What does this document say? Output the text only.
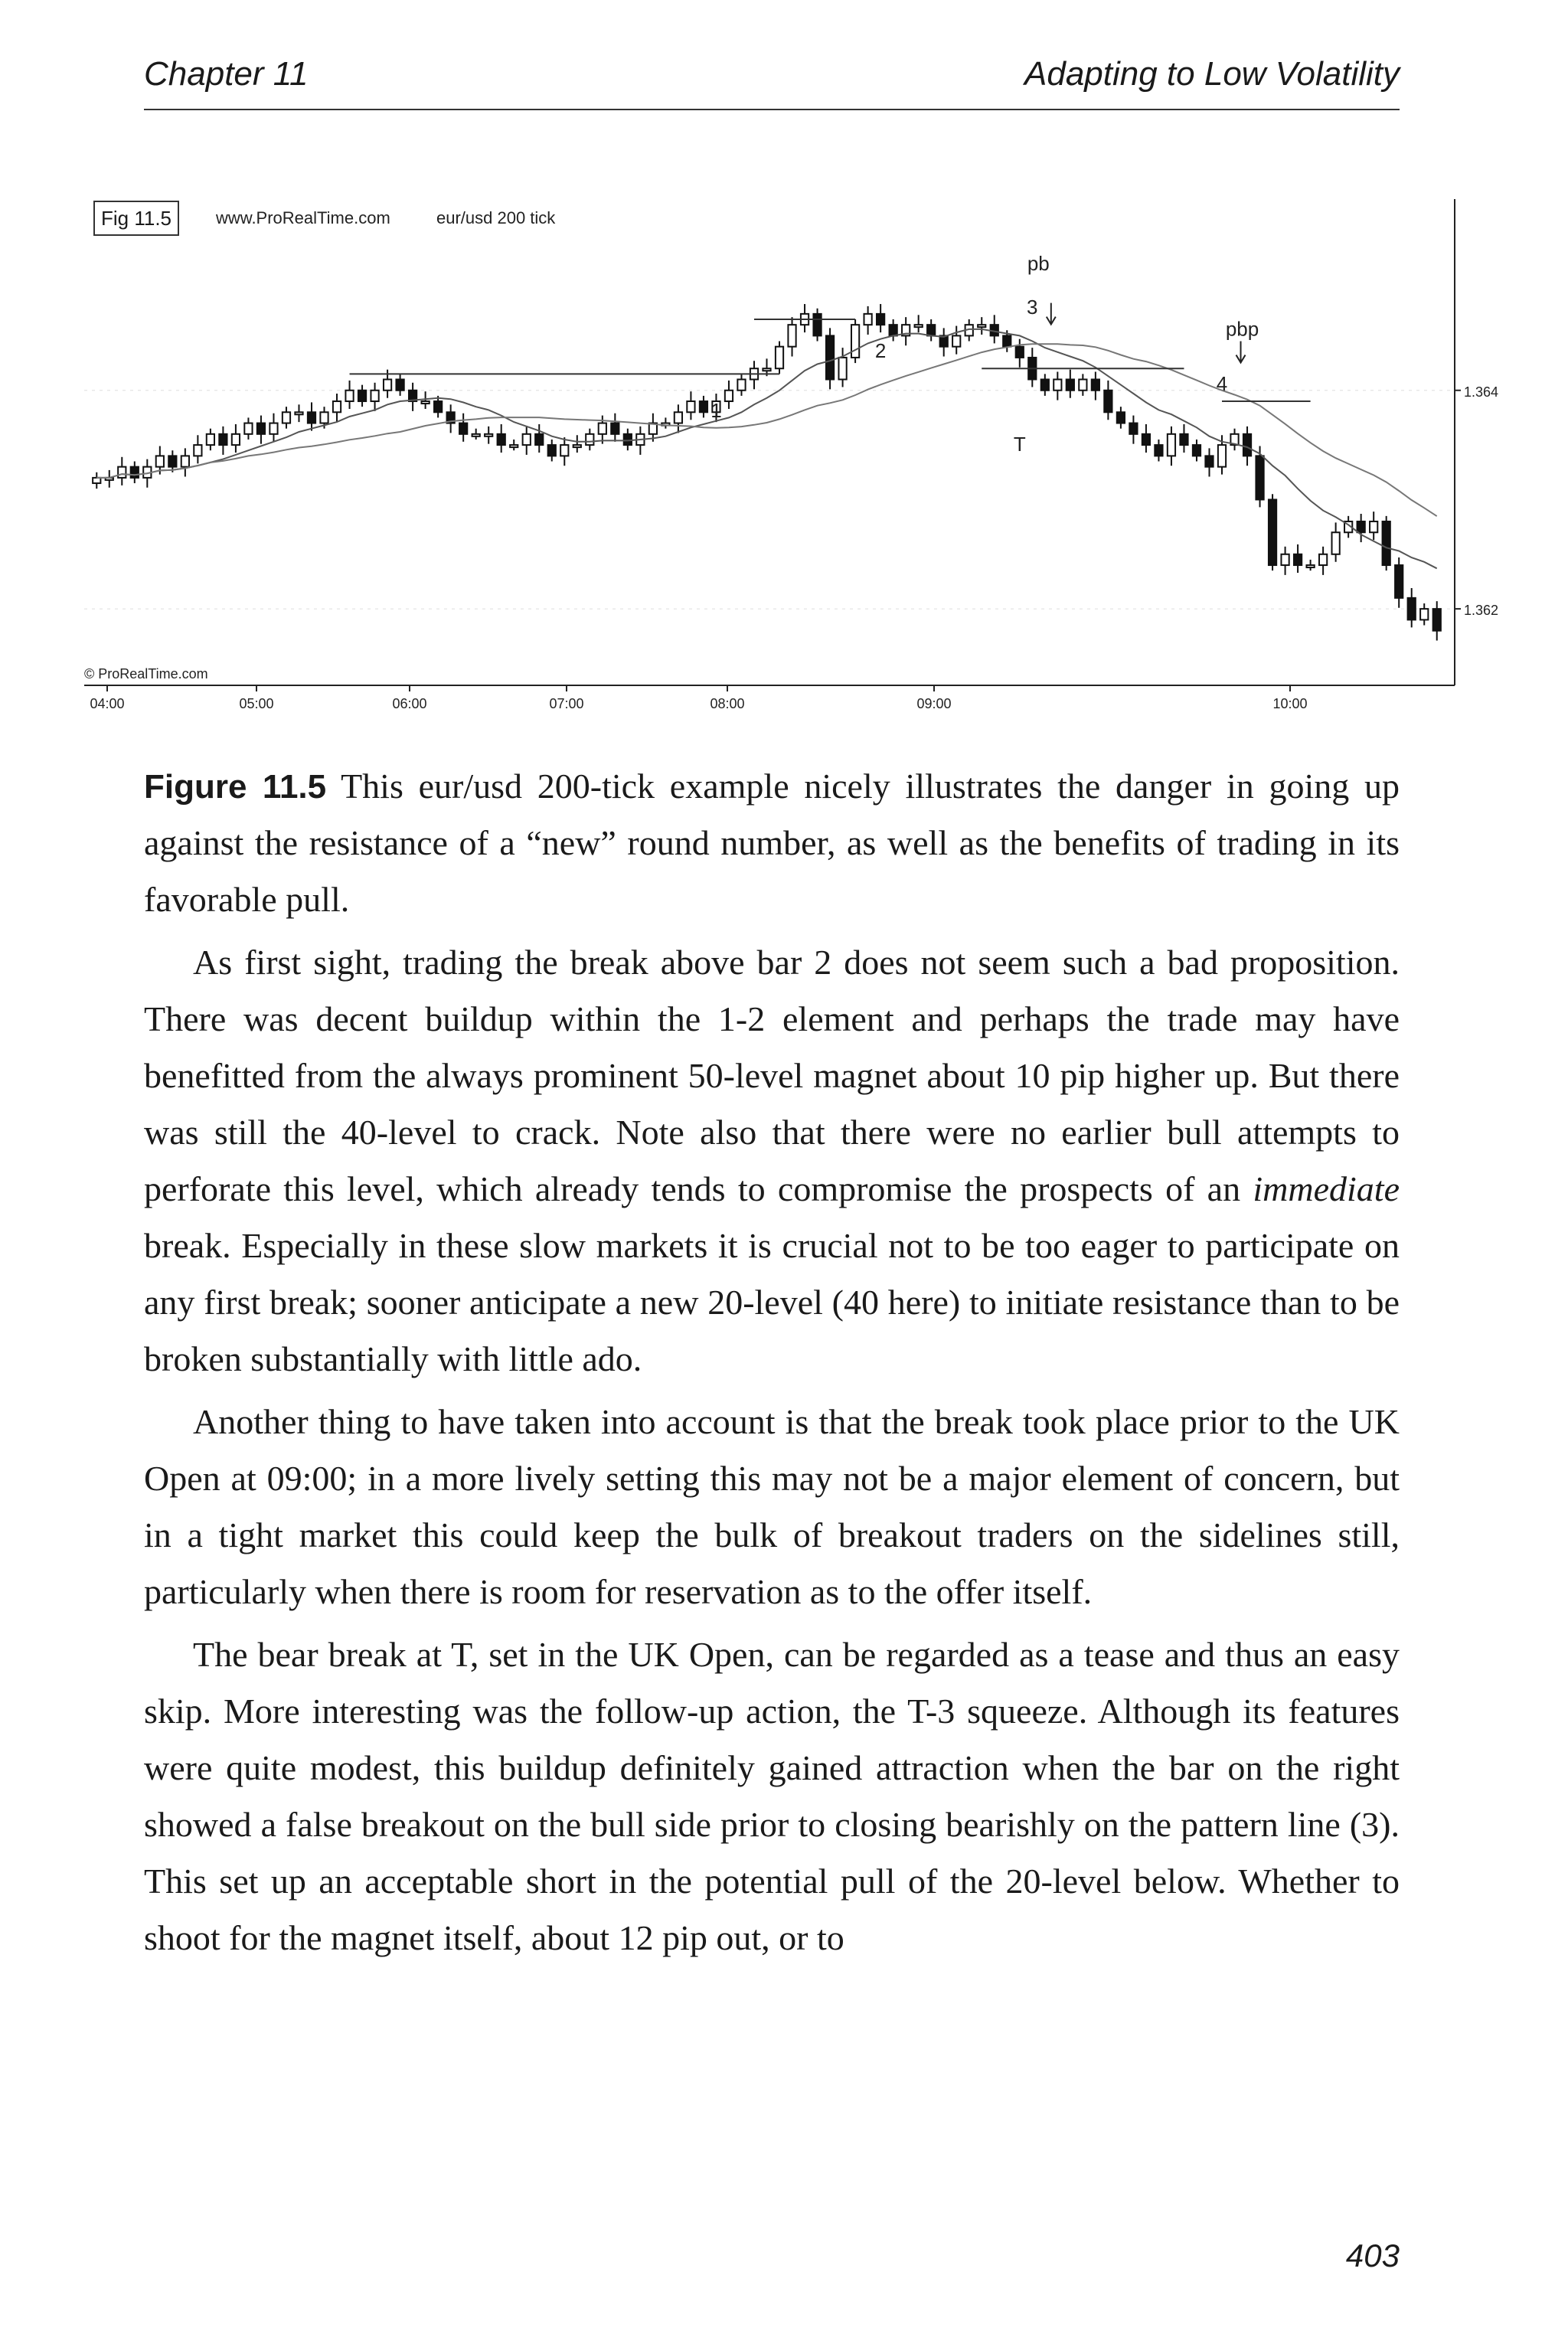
Chapter 11	Adapting to Low Volatility
1.364
1.362
04:00	05:00	06:00	07:00	08:00	09:00	10:00
1
2
3
4
T
pb
pbp
Fig 11.5	www.ProRealTime.com	eur/usd 200 tick
© ProRealTime.com

Figure 11.5 This eur/usd 200-tick example nicely illustrates the danger in going up against the resistance of a “new” round number, as well as the benefits of trading in its favorable pull.

As first sight, trading the break above bar 2 does not seem such a bad proposition. There was decent buildup within the 1-2 element and perhaps the trade may have benefitted from the always prominent 50-level magnet about 10 pip higher up. But there was still the 40-level to crack. Note also that there were no earlier bull attempts to perforate this level, which already tends to compromise the prospects of an immediate break. Especially in these slow markets it is crucial not to be too eager to participate on any first break; sooner anticipate a new 20-level (40 here) to initiate resistance than to be broken substantially with little ado.

Another thing to have taken into account is that the break took place prior to the UK Open at 09:00; in a more lively setting this may not be a major element of concern, but in a tight market this could keep the bulk of breakout traders on the sidelines still, particularly when there is room for reservation as to the offer itself.

The bear break at T, set in the UK Open, can be regarded as a tease and thus an easy skip. More interesting was the follow-up action, the T-3 squeeze. Although its features were quite modest, this buildup definitely gained attraction when the bar on the right showed a false breakout on the bull side prior to closing bearishly on the pattern line (3). This set up an acceptable short in the potential pull of the 20-level below. Whether to shoot for the magnet itself, about 12 pip out, or to

403
